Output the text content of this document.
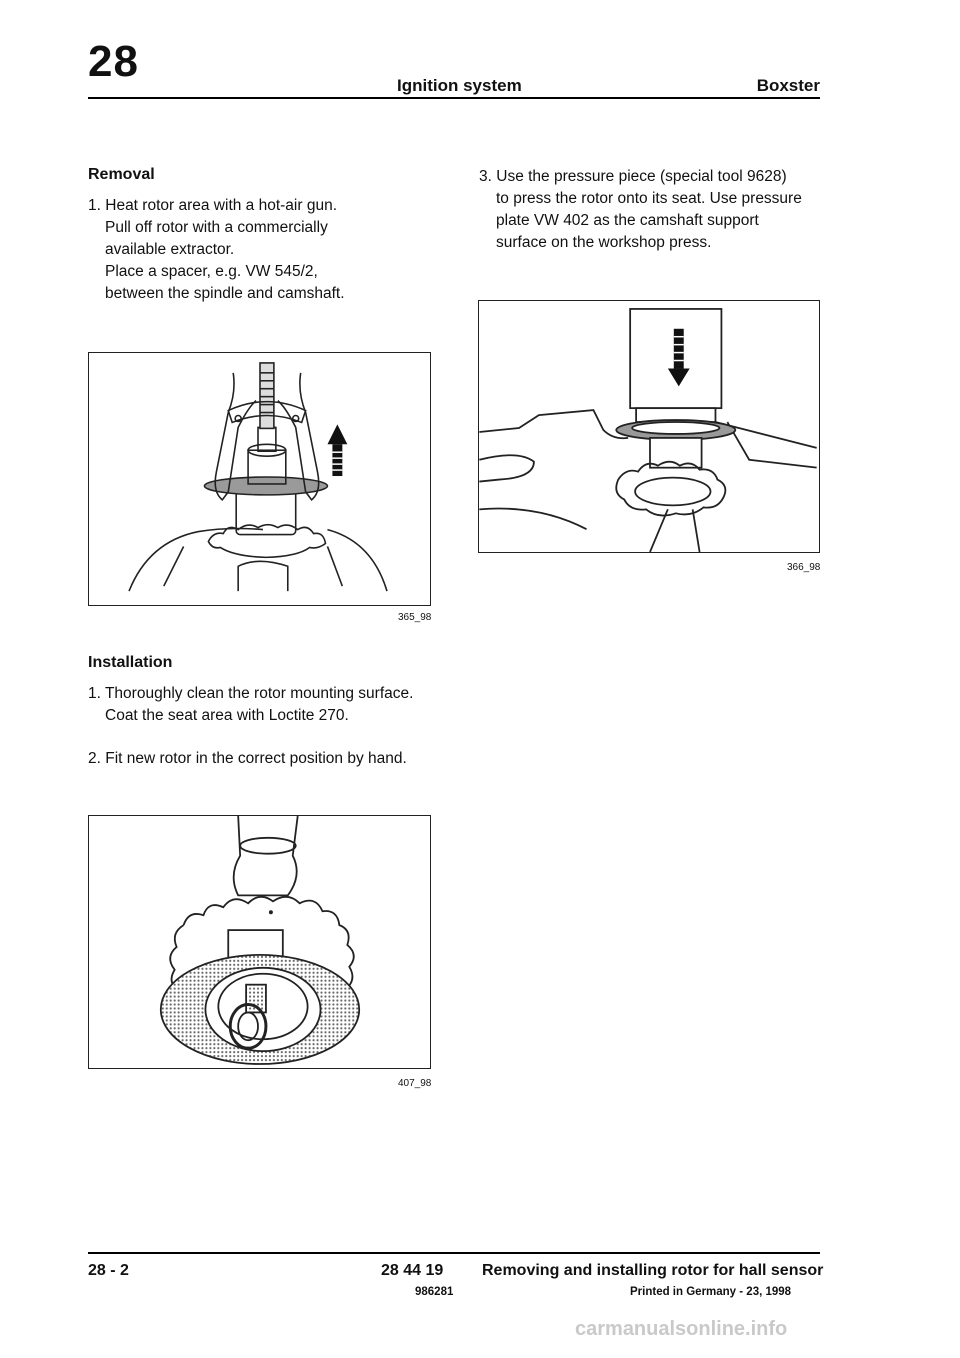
28	Ignition system	Boxster
Removal
1. Heat rotor area with a hot-air gun.
Pull off rotor with a commercially
available extractor.
Place a spacer, e.g. VW 545/2,
between the spindle and camshaft.
365_98
Installation
1. Thoroughly clean the rotor mounting surface.
Coat the seat area with Loctite 270.
2. Fit new rotor in the correct position by hand.
407_98
3. Use the pressure piece (special tool 9628)
to press the rotor onto its seat. Use pressure
plate VW 402 as the camshaft support
surface on the workshop press.
366_98
28 - 2	28 44 19 Removing and installing rotor for hall sensor
986281	Printed in Germany - 23, 1998
carmanualsonline.info
